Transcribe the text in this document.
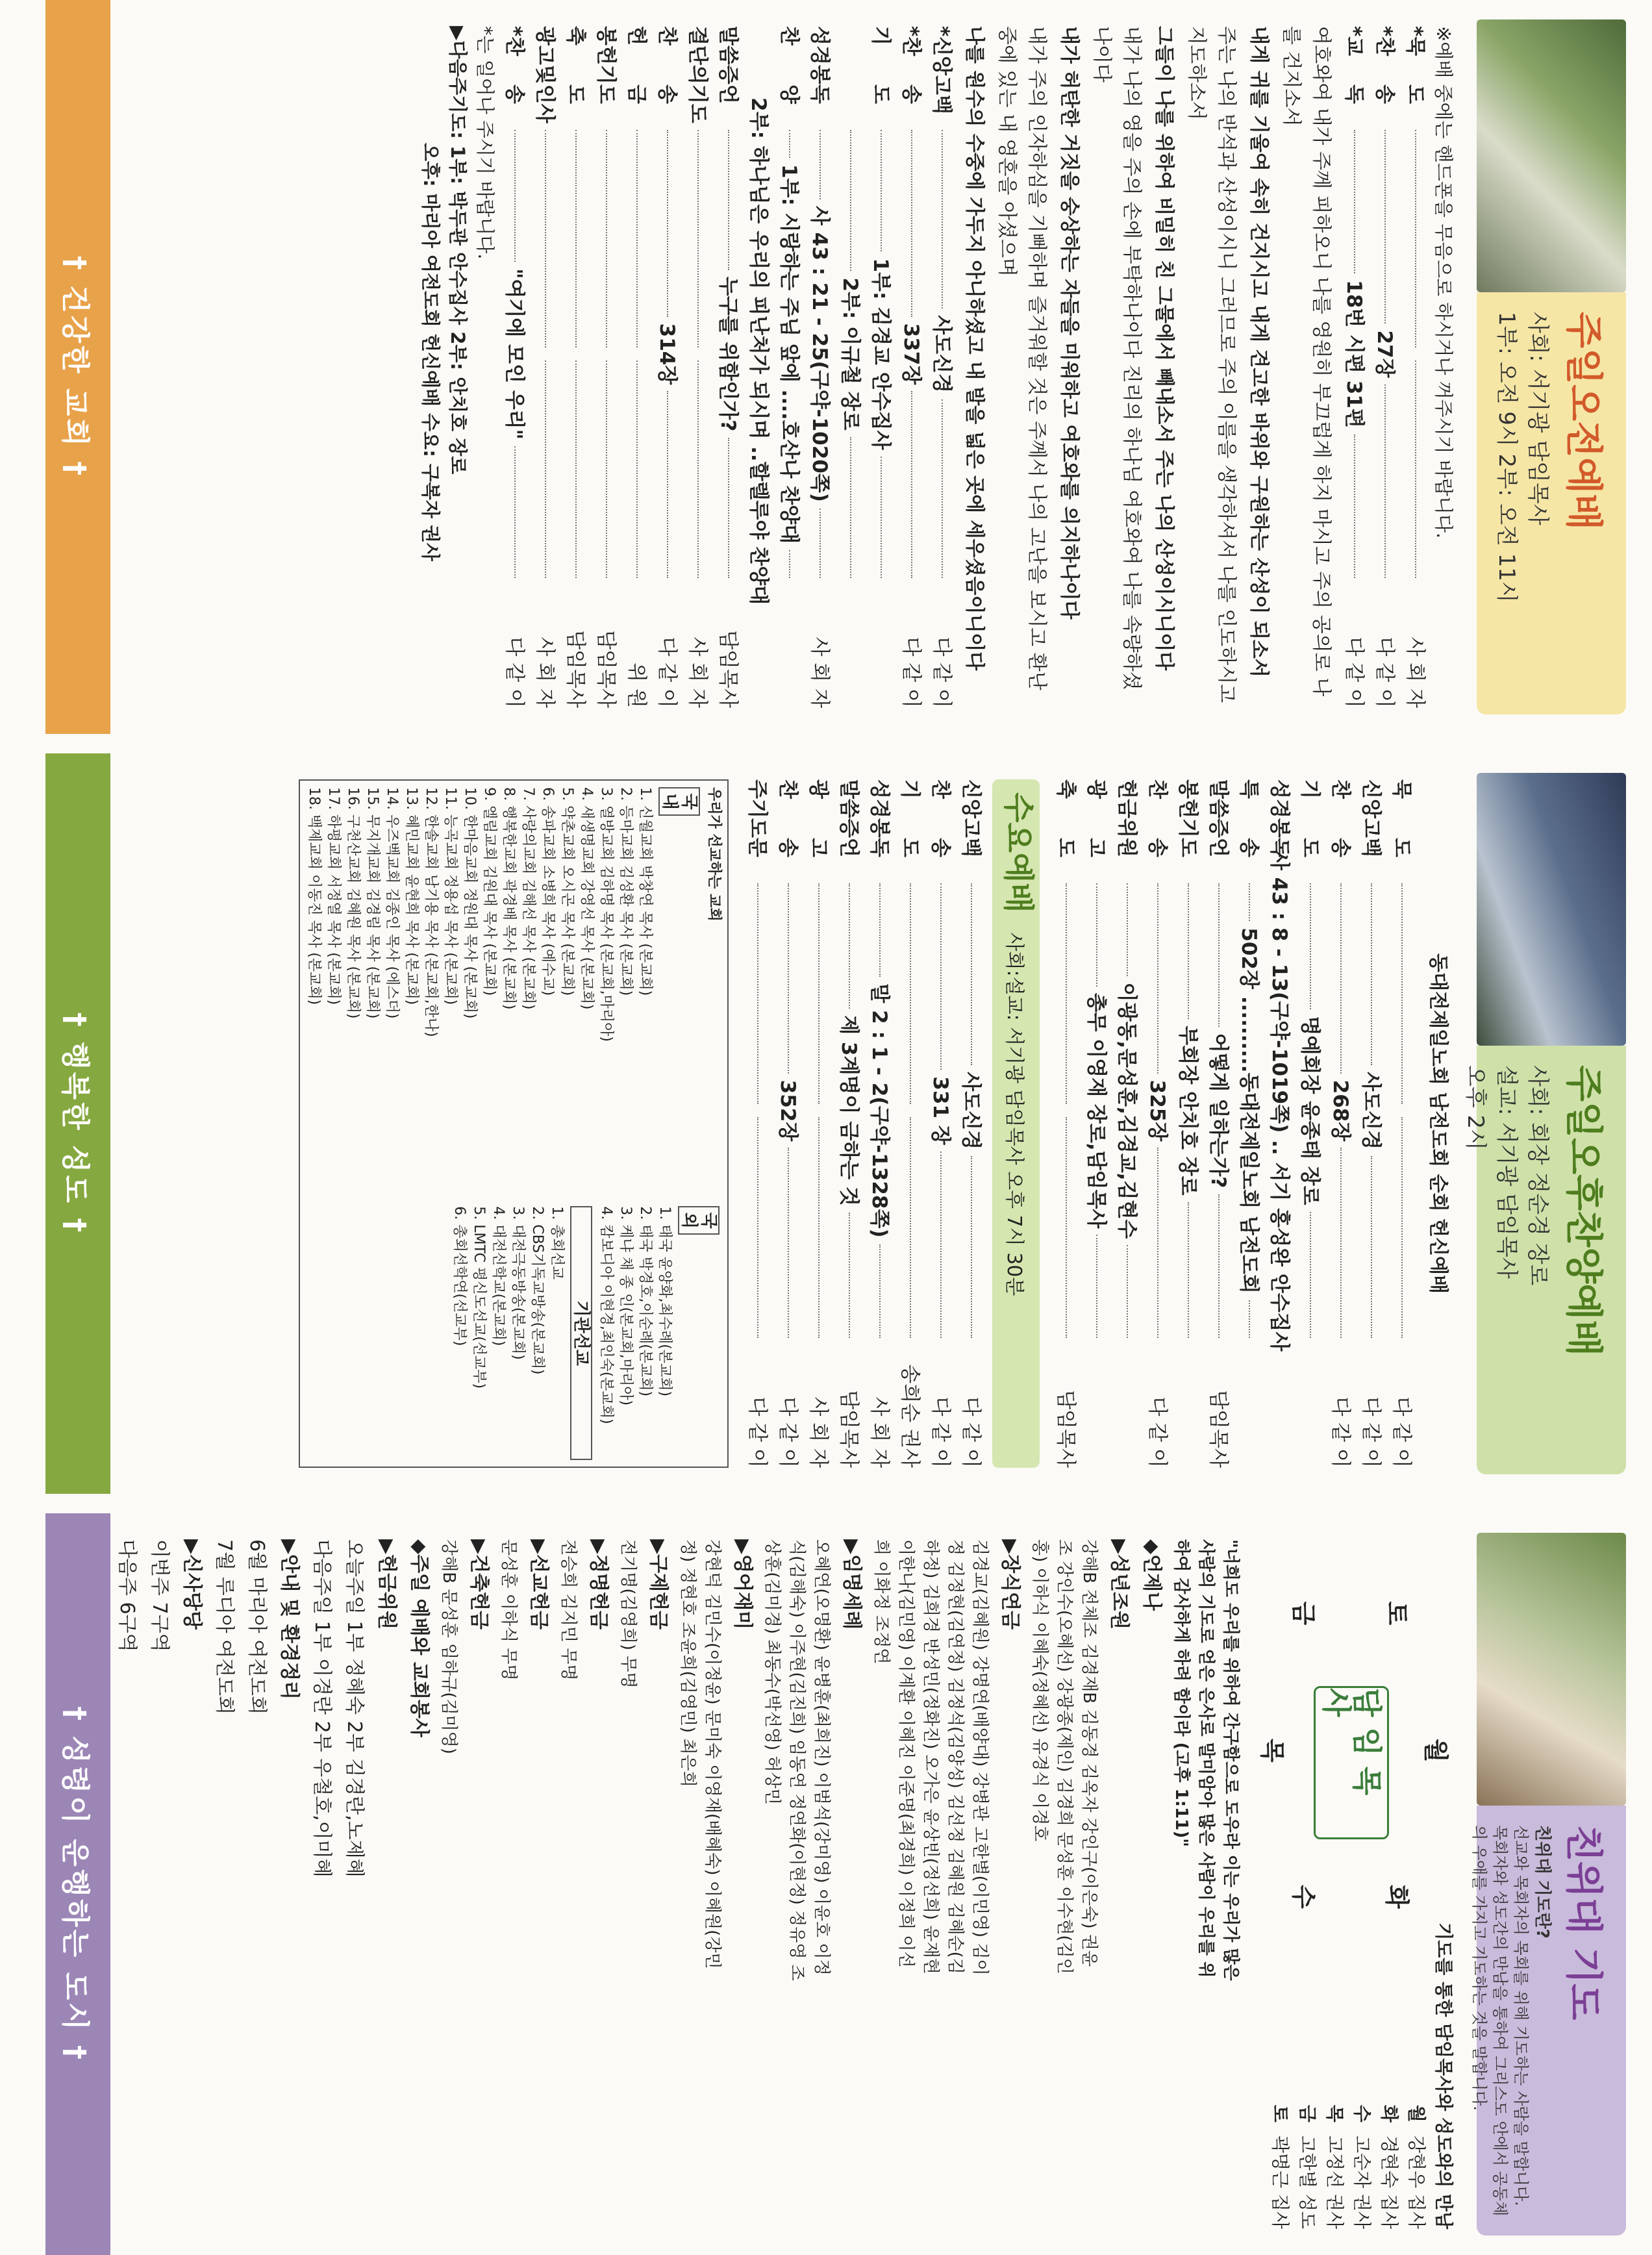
주일오전예배
사회: 서기광 담임목사
1부: 오전 9시 2부: 오전 11시
※예배 중에는 핸드폰을 무음으로 하시거나 꺼주시기 바랍니다.
*묵
도
사 회 자
*찬
송
27장
다 같 이
*교
독
18번 시편 31편
다 같 이
여호와여 내가 주께 피하오니 나를 영원히 부끄럽게 하지 마시고 주의 공의로 나를 건지소서
내게 귀를 기울여 속히 건지시고 내게 견고한 바위와 구원하는 산성이 되소서
주는 나의 반석과 산성이시니 그러므로 주의 이름을 생각하셔서 나를 인도하시고 지도하소서
그들이 나를 위하여 비밀히 친 그물에서 빼내소서 주는 나의 산성이시니이다
내가 나의 영을 주의 손에 부탁하나이다 진리의 하나님 여호와여 나를 속량하셨나이다
내가 허탄한 거짓을 숭상하는 자들을 미워하고 여호와를 의지하나이다
내가 주의 인자하심을 기뻐하며 즐거워할 것은 주께서 나의 고난을 보시고 환난 중에 있는 내 영혼을 아셨으며
나를 원수의 수중에 가두지 아니하셨고 내 발을 넓은 곳에 세우셨음이니이다
*신앙고백
사도신경
다 같 이
*찬
송
337장
다 같 이
기
도
1부: 김경교 안수집사
2부: 이규철 장로
성경봉독
사 43 : 21 - 25(구약-1020쪽)
사 회 자
찬
양
1부: 시랑하는 주님 앞에 ....호산나 찬양대
2부: 하나님은 우리의 피난처가 되시며 ..할렐루야 찬양대
말씀증언
누구를 위함인가?
담임목사
결단의기도
사 회 자
찬
송
314장
다 같 이
헌
금
위 원
봉헌기도
담임목사
축
도
담임목사
광고및인사
사 회 자
*찬
송
"여기에 모인 우리"
다 같 이
*는 일어나 주시기 바랍니다.
▶다음주기도: 1부: 박두관 안수집사 2부: 안치호 장로
오후: 마리아 여전도회 헌신예배 수요: 구복자 권사
† 건강한 교회 †
주일오후찬양예배
사회: 회장 정순경 장로
설교: 서기광 담임목사
오후 2시
동대전제일노회 남전도회 순회 헌신예배
묵
도
다 같 이
신앙고백
사도신경
다 같 이
찬
송
268장
다 같 이
기
도
명예회장 윤종태 장로
성경봉독
사 43 : 8 - 13(구약-1019쪽) .. 서기 홍성완 안수집사
특
송
502장 ..........동대전제일노회 남전도회
말씀증언
어떻게 일하는가?
담임목사
봉헌기도
부회장 안치호 장로
찬
송
325장
다 같 이
헌금위원
이광동,문성훈,김경교,김현수
광
고
총무 이영재 장로,담임목사
축
도
담임목사
수요예배
사회:
설교: 서기광 담임목사 오후 7시 30분
신앙고백
사도신경
다 같 이
찬
송
331 장
다 같 이
기
도
송희순 권사
성경봉독
말 2 : 1 - 2(구약-1328쪽)
사 회 자
말씀증언
제 3계명이 금하는 것
담임목사
광
고
사 회 자
찬
송
352장
다 같 이
주기도문
다 같 이
우리가 선교하는 교회
국내
1. 신월교회 박창연 목사 (본교회)
2. 등마교회 김성환 목사 (본교회)
3. 열방교회 김하명 목사 (본교회,마리아)
4. 새생명교회 강영선 목사 (본교회)
5. 약촌교회 오시곤 목사 (본교회)
6. 송파교회 소병희 목사 (예수교)
7. 사랑의교회 김해선 목사 (본교회)
8. 행복한교회 곽경배 목사 (본교회)
9. 엘림교회 김원대 목사 (본교회)
10. 한마음교회 정원대 목사 (본교회)
11. 능곡교회 정용섭 목사 (본교회)
12. 한솔교회 남기용 목사 (본교회,한나)
13. 혜민교회 윤현희 목사 (본교회)
14. 우즈벡교회 김종인 목사 (에스더)
15. 무지개교회 김경림 목사 (본교회)
16. 구천산교회 김혜원 목사 (본교회)
17. 하평교회 서정열 목사 (본교회)
18. 백제교회 이동진 목사 (본교회)
국외
1. 태국 윤양화,최수례(본교회)
2. 태국 박경호,이순례(본교회)
3. 케냐 채 종 인(본교회,마리아)
4. 캄보디아 이현경,최인숙(본교회)
기관선교
1. 총회선교
2. CBS기독교방송(본교회)
3. 대전극동방송(본교회)
4. 대전신학교(본교회)
5. LMTC 평신도선교(선교부)
6. 총회선학연(선교부)
† 행복한 성도 †
친위대 기도
친위대 기도란?
선교와 목회자의 목회를 위해 기도하는 사람을 말합니다. 목회자와 성도간의 만남을 통하여 그리스도 안에서 공동체의 우애를 가지고 기도하는 것을 말합니다.
담임목사
월
화
수
목
금	토
"너희도 우리를 위하여 간구함으로 도우라 이는 우리가 많은 사람의 기도로 얻은 은사로 말미암아 많은 사람이 우리를 위하여 감사하게 하려 함이라 (고후 1:11)"
◆언제나
▶성년조원
강해B 전체조 김경재B 김동경 김옥자 강인구(이은숙) 권윤조 강인수(오혜선) 강광종(제인) 김경희 문성훈 이수현(김인홍) 이하식 이혜숙(정혜선) 유경식 이경호
▶장식연금
김경교(김혜원) 강명연(배양대) 강병관 고한별(이민영) 김이정 김정현(김연정) 김정석(김양성) 김선정 김혜원 김혜순(김하정) 김희경 반성민(정화진) 오가은 윤상빈(정선희) 윤재현 이한나(김민영) 이계환 이혜진 이준명(최경희) 이정희 이선희 이화정 조정연
▶임명세례
오혜연(오명환) 윤병훈(최희진) 이범석(강미영) 이윤호 이정식(김해숙) 이주현(김진희) 임동연 정연화(이현정) 정유영 조상훈(김미경) 최동수(박선영) 허상민
▶영어재미
강현덕 김민수(이정윤) 문미숙 이영재(배혜숙) 이혜원(강민정) 정현호 조윤희(김영민) 최은희
▶구제헌금
전기명(김영희) 무명
▶정명헌금
전승희 김지민 무명
▶선교헌금
문성훈 이하식 무명
▶건축헌금
강해B 문성훈 임하규(김미영)
◆주일 예배와 교회봉사
▶헌금위원
오늘주일 1부 정혜숙 2부 김경란,노제혜
다음주일 1부 이경란 2부 우철호,이미혜
▶안내 및 환경정리
6월 마리아 여전도회
7월 루디아 여전도회
▶신사당당
이번주 7구역
다음주 6구역
기도를 통한 담임목사와 성도와의 만남
월강현우 집사
화경현숙 집사
수고순자 권사
목고정선 권사
금고한별 성도
토곽명근 집사
† 성령이 운행하는 도시 †
